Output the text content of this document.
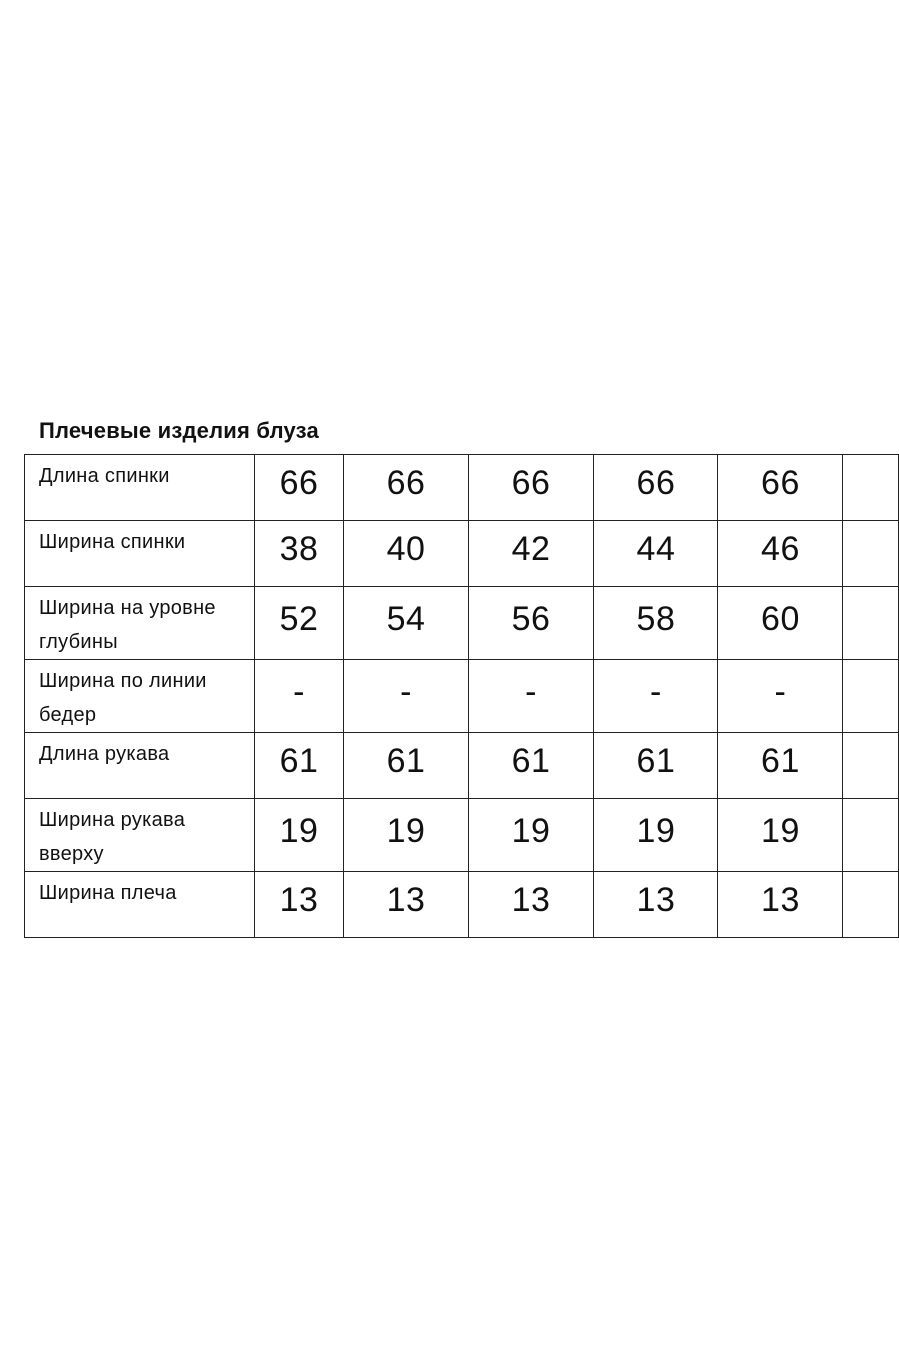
Плечевые изделия блуза
Длина спинки	66	66	66	66	66	
Ширина спинки	38	40	42	44	46	
Ширина на уровне глубины	52	54	56	58	60	
Ширина по линии бедер	-	-	-	-	-	
Длина рукава	61	61	61	61	61	
Ширина рукава вверху	19	19	19	19	19	
Ширина плеча	13	13	13	13	13	
